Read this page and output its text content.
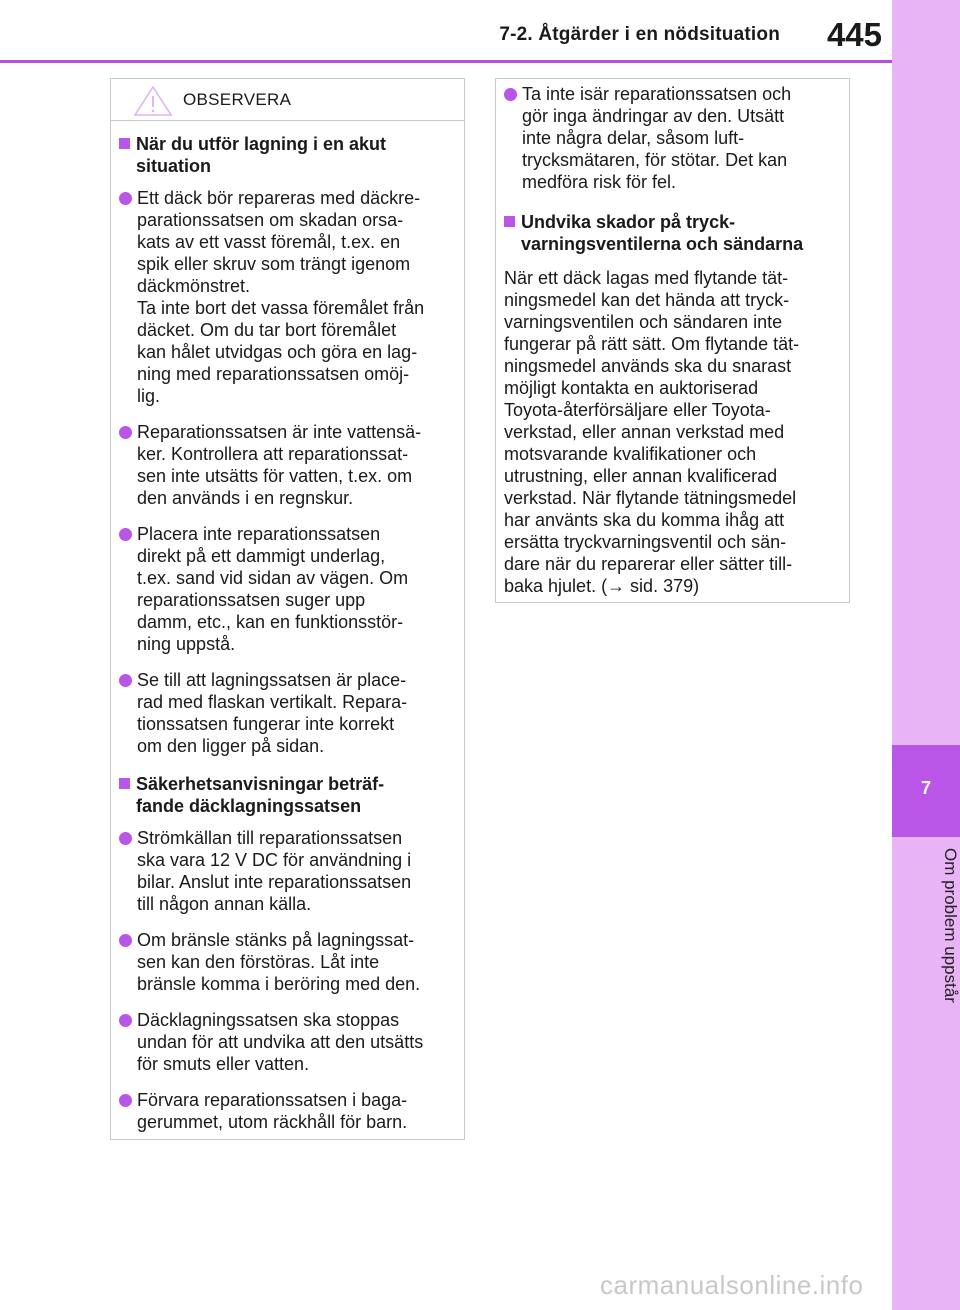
7-2. Åtgärder i en nödsituation 445
7
Om problem uppstår
OBSERVERA
När du utför lagning i en akut
situation
Ett däck bör repareras med däckre-
parationssatsen om skadan orsa-
kats av ett vasst föremål, t.ex. en
spik eller skruv som trängt igenom
däckmönstret.
Ta inte bort det vassa föremålet från
däcket. Om du tar bort föremålet
kan hålet utvidgas och göra en lag-
ning med reparationssatsen omöj-
lig.
Reparationssatsen är inte vattensä-
ker. Kontrollera att reparationssat-
sen inte utsätts för vatten, t.ex. om
den används i en regnskur.
Placera inte reparationssatsen
direkt på ett dammigt underlag,
t.ex. sand vid sidan av vägen. Om
reparationssatsen suger upp
damm, etc., kan en funktionsstör-
ning uppstå.
Se till att lagningssatsen är place-
rad med flaskan vertikalt. Repara-
tionssatsen fungerar inte korrekt
om den ligger på sidan.
Säkerhetsanvisningar beträf-
fande däcklagningssatsen
Strömkällan till reparationssatsen
ska vara 12 V DC för användning i
bilar. Anslut inte reparationssatsen
till någon annan källa.
Om bränsle stänks på lagningssat-
sen kan den förstöras. Låt inte
bränsle komma i beröring med den.
Däcklagningssatsen ska stoppas
undan för att undvika att den utsätts
för smuts eller vatten.
Förvara reparationssatsen i baga-
gerummet, utom räckhåll för barn.
Ta inte isär reparationssatsen och
gör inga ändringar av den. Utsätt
inte några delar, såsom luft-
trycksmätaren, för stötar. Det kan
medföra risk för fel.
Undvika skador på tryck-
varningsventilerna och sändarna
När ett däck lagas med flytande tät-
ningsmedel kan det hända att tryck-
varningsventilen och sändaren inte
fungerar på rätt sätt. Om flytande tät-
ningsmedel används ska du snarast
möjligt kontakta en auktoriserad
Toyota-återförsäljare eller Toyota-
verkstad, eller annan verkstad med
motsvarande kvalifikationer och
utrustning, eller annan kvalificerad
verkstad. När flytande tätningsmedel
har använts ska du komma ihåg att
ersätta tryckvarningsventil och sän-
dare när du reparerar eller sätter till-
baka hjulet. (→ sid. 379)
carmanualsonline.info
